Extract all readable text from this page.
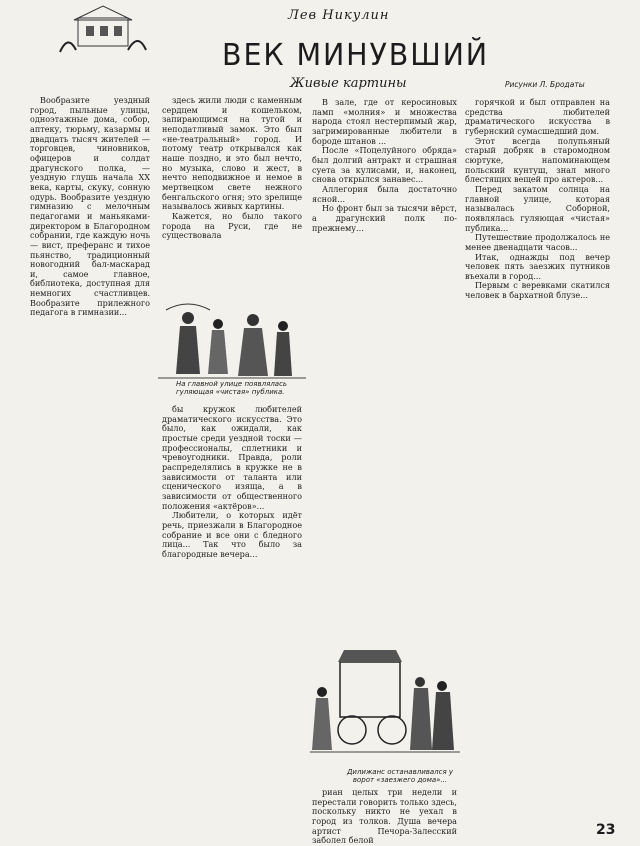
Лев Никулин
ВЕК МИНУВШИЙ
Живые картины	Рисунки Л. Бродаты

Вообразите уездный город, пыльные улицы, одноэтажные дома, собор, аптеку, тюрьму, казармы и двадцать тысяч жителей — торговцев, чиновников, офицеров и солдат драгунского полка, — уездную глушь начала XX века, карты, скуку, сонную одурь. Вообразите уездную гимназию с мелочным педагогами и маньяками-директором в Благородном собрании, где каждую ночь — вист, преферанс и тихое пьянство, традиционный новогодний бал-маскарад и, самое главное, библиотека, доступная для немногих счастливцев. Вообразите прилежного педагога в гимназии...

здесь жили люди с каменным сердцем и кошельком, запирающимся на тугой и неподатливый замок. Это был «не-театральный» город. И потому театр открывался как наше поздно, и это был нечто, но музыка, слово и жест, в нечто неподвижное и немое в мертвецком свете нежного бенгальского огня; это зрелище называлось живых картины.

Кажется, но было такого города на Руси, где не существовала

На главной улице появлялась гуляющая «чистая» публика.

бы кружок любителей драматического искусства. Это было, как ожидали, как простые среди уездной тоски — профессионалы, сплетники и чревоугодники. Правда, роли распределялись в кружке не в зависимости от таланта или сценического изяща, а в зависимости от общественного положения «актёров»...

Любители, о которых идёт речь, приезжали в Благородное собрание и все они с бледного лица... Так что было за благородные вечера...

В зале, где от керосиновых ламп «молния» и множества народа стоял нестерпимый жар, загримированные любители в бороде штанов ...

После «Поцелуйного обряда» был долгий антракт и страшная суета за кулисами, и, наконец, снова открылся занавес...

Аллегория была достаточно ясной...

Но фронт был за тысячи вёрст, а драгунский полк по-прежнему...

Дилижанс останавливался у ворот «заезжего дома»...

риан целых три недели и перестали говорить только здесь, поскольку никто не уехал в город из толков. Душа вечера артист Печора-Залесский заболел белой

горячкой и был отправлен на средства любителей драматического искусства в губернский сумасшедший дом.

Этот всегда полупьяный старый добряк в старомодном сюртуке, напоминающем польский кунтуш, знал много блестящих вещей про актеров...

Перед закатом солнца на главной улице, которая называлась Соборной, появлялась гуляющая «чистая» публика...

Путешествие продолжалось не менее двенадцати часов...

Итак, однажды под вечер человек пять заезжих путников въехали в город...

Первым с веревками скатился человек в бархатной блузе...

23
